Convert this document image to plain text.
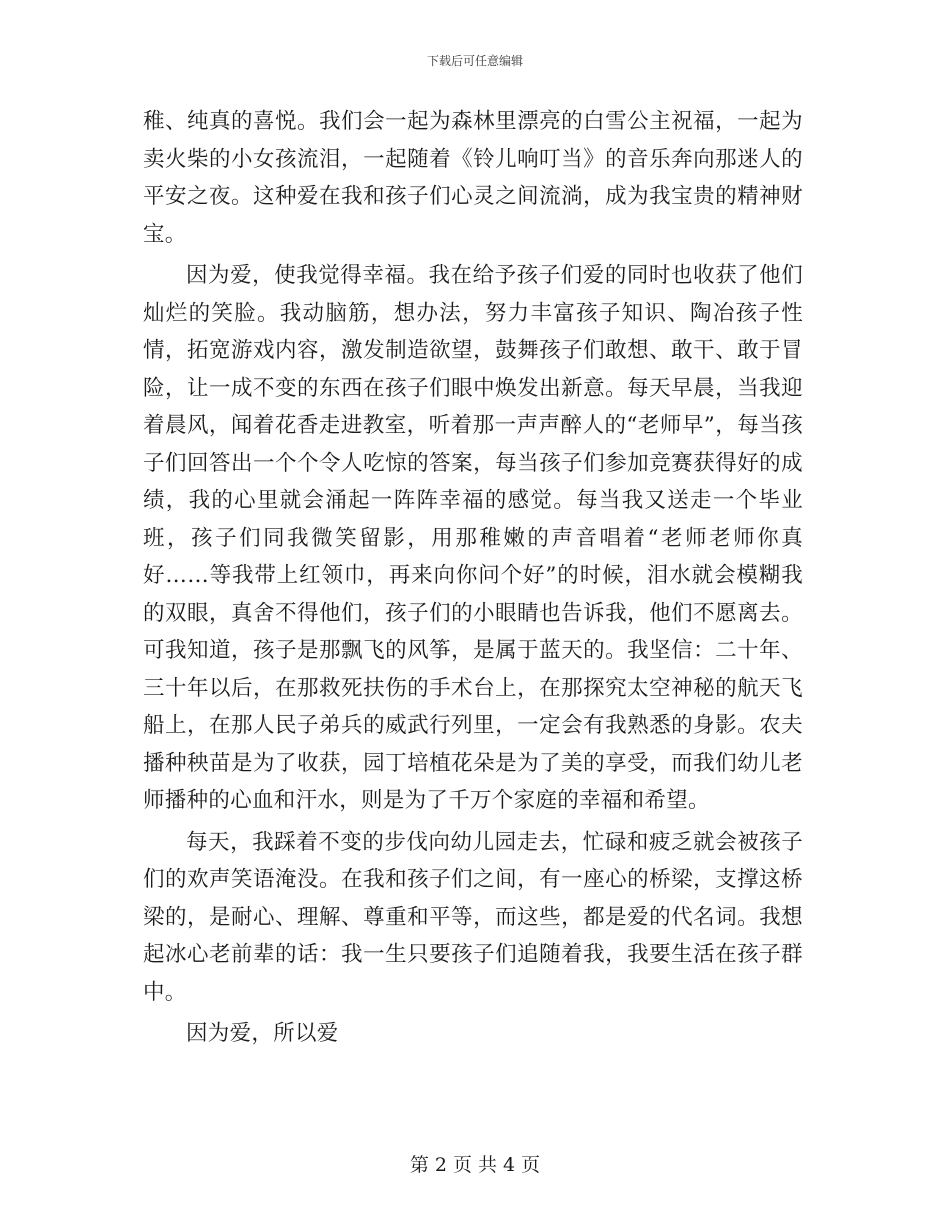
下载后可任意编辑

稚、纯真的喜悦。我们会一起为森林里漂亮的白雪公主祝福，一起为卖火柴的小女孩流泪，一起随着《铃儿响叮当》的音乐奔向那迷人的平安之夜。这种爱在我和孩子们心灵之间流淌，成为我宝贵的精神财宝。

因为爱，使我觉得幸福。我在给予孩子们爱的同时也收获了他们灿烂的笑脸。我动脑筋，想办法，努力丰富孩子知识、陶冶孩子性情，拓宽游戏内容，激发制造欲望，鼓舞孩子们敢想、敢干、敢于冒险，让一成不变的东西在孩子们眼中焕发出新意。每天早晨，当我迎着晨风，闻着花香走进教室，听着那一声声醉人的“老师早”，每当孩子们回答出一个个令人吃惊的答案，每当孩子们参加竞赛获得好的成绩，我的心里就会涌起一阵阵幸福的感觉。每当我又送走一个毕业班，孩子们同我微笑留影，用那稚嫩的声音唱着“老师老师你真好……等我带上红领巾，再来向你问个好”的时候，泪水就会模糊我的双眼，真舍不得他们，孩子们的小眼睛也告诉我，他们不愿离去。可我知道，孩子是那飘飞的风筝，是属于蓝天的。我坚信：二十年、三十年以后，在那救死扶伤的手术台上，在那探究太空神秘的航天飞船上，在那人民子弟兵的威武行列里，一定会有我熟悉的身影。农夫播种秧苗是为了收获，园丁培植花朵是为了美的享受，而我们幼儿老师播种的心血和汗水，则是为了千万个家庭的幸福和希望。

每天，我踩着不变的步伐向幼儿园走去，忙碌和疲乏就会被孩子们的欢声笑语淹没。在我和孩子们之间，有一座心的桥梁，支撑这桥梁的，是耐心、理解、尊重和平等，而这些，都是爱的代名词。我想起冰心老前辈的话：我一生只要孩子们追随着我，我要生活在孩子群中。

因为爱，所以爱

第 2 页 共 4 页
